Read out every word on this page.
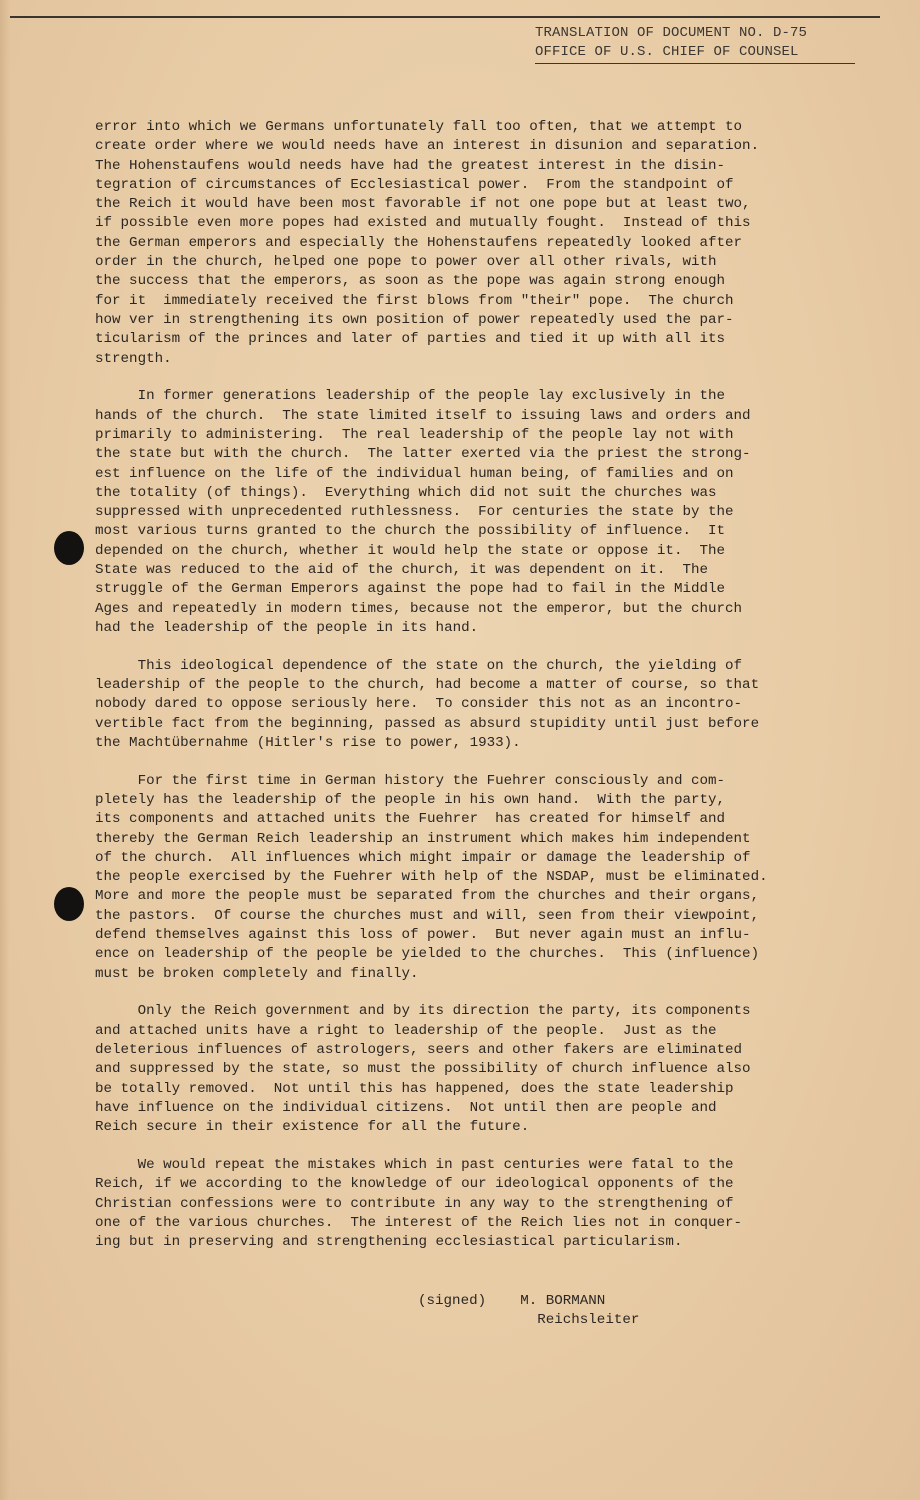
TRANSLATION OF DOCUMENT NO. D-75
OFFICE OF U.S. CHIEF OF COUNSEL

error into which we Germans unfortunately fall too often, that we attempt to
create order where we would needs have an interest in disunion and separation.
The Hohenstaufens would needs have had the greatest interest in the disin-
tegration of circumstances of Ecclesiastical power.  From the standpoint of
the Reich it would have been most favorable if not one pope but at least two,
if possible even more popes had existed and mutually fought.  Instead of this
the German emperors and especially the Hohenstaufens repeatedly looked after
order in the church, helped one pope to power over all other rivals, with
the success that the emperors, as soon as the pope was again strong enough
for it  immediately received the first blows from "their" pope.  The church
how ver in strengthening its own position of power repeatedly used the par-
ticularism of the princes and later of parties and tied it up with all its
strength.

In former generations leadership of the people lay exclusively in the
hands of the church.  The state limited itself to issuing laws and orders and
primarily to administering.  The real leadership of the people lay not with
the state but with the church.  The latter exerted via the priest the strong-
est influence on the life of the individual human being, of families and on
the totality (of things).  Everything which did not suit the churches was
suppressed with unprecedented ruthlessness.  For centuries the state by the
most various turns granted to the church the possibility of influence.  It
depended on the church, whether it would help the state or oppose it.  The
State was reduced to the aid of the church, it was dependent on it.  The
struggle of the German Emperors against the pope had to fail in the Middle
Ages and repeatedly in modern times, because not the emperor, but the church
had the leadership of the people in its hand.

This ideological dependence of the state on the church, the yielding of
leadership of the people to the church, had become a matter of course, so that
nobody dared to oppose seriously here.  To consider this not as an incontro-
vertible fact from the beginning, passed as absurd stupidity until just before
the Machtübernahme (Hitler's rise to power, 1933).

For the first time in German history the Fuehrer consciously and com-
pletely has the leadership of the people in his own hand.  With the party,
its components and attached units the Fuehrer  has created for himself and
thereby the German Reich leadership an instrument which makes him independent
of the church.  All influences which might impair or damage the leadership of
the people exercised by the Fuehrer with help of the NSDAP, must be eliminated.
More and more the people must be separated from the churches and their organs,
the pastors.  Of course the churches must and will, seen from their viewpoint,
defend themselves against this loss of power.  But never again must an influ-
ence on leadership of the people be yielded to the churches.  This (influence)
must be broken completely and finally.

Only the Reich government and by its direction the party, its components
and attached units have a right to leadership of the people.  Just as the
deleterious influences of astrologers, seers and other fakers are eliminated
and suppressed by the state, so must the possibility of church influence also
be totally removed.  Not until this has happened, does the state leadership
have influence on the individual citizens.  Not until then are people and
Reich secure in their existence for all the future.

We would repeat the mistakes which in past centuries were fatal to the
Reich, if we according to the knowledge of our ideological opponents of the
Christian confessions were to contribute in any way to the strengthening of
one of the various churches.  The interest of the Reich lies not in conquer-
ing but in preserving and strengthening ecclesiastical particularism.

(signed) M. BORMANN
Reichsleiter
